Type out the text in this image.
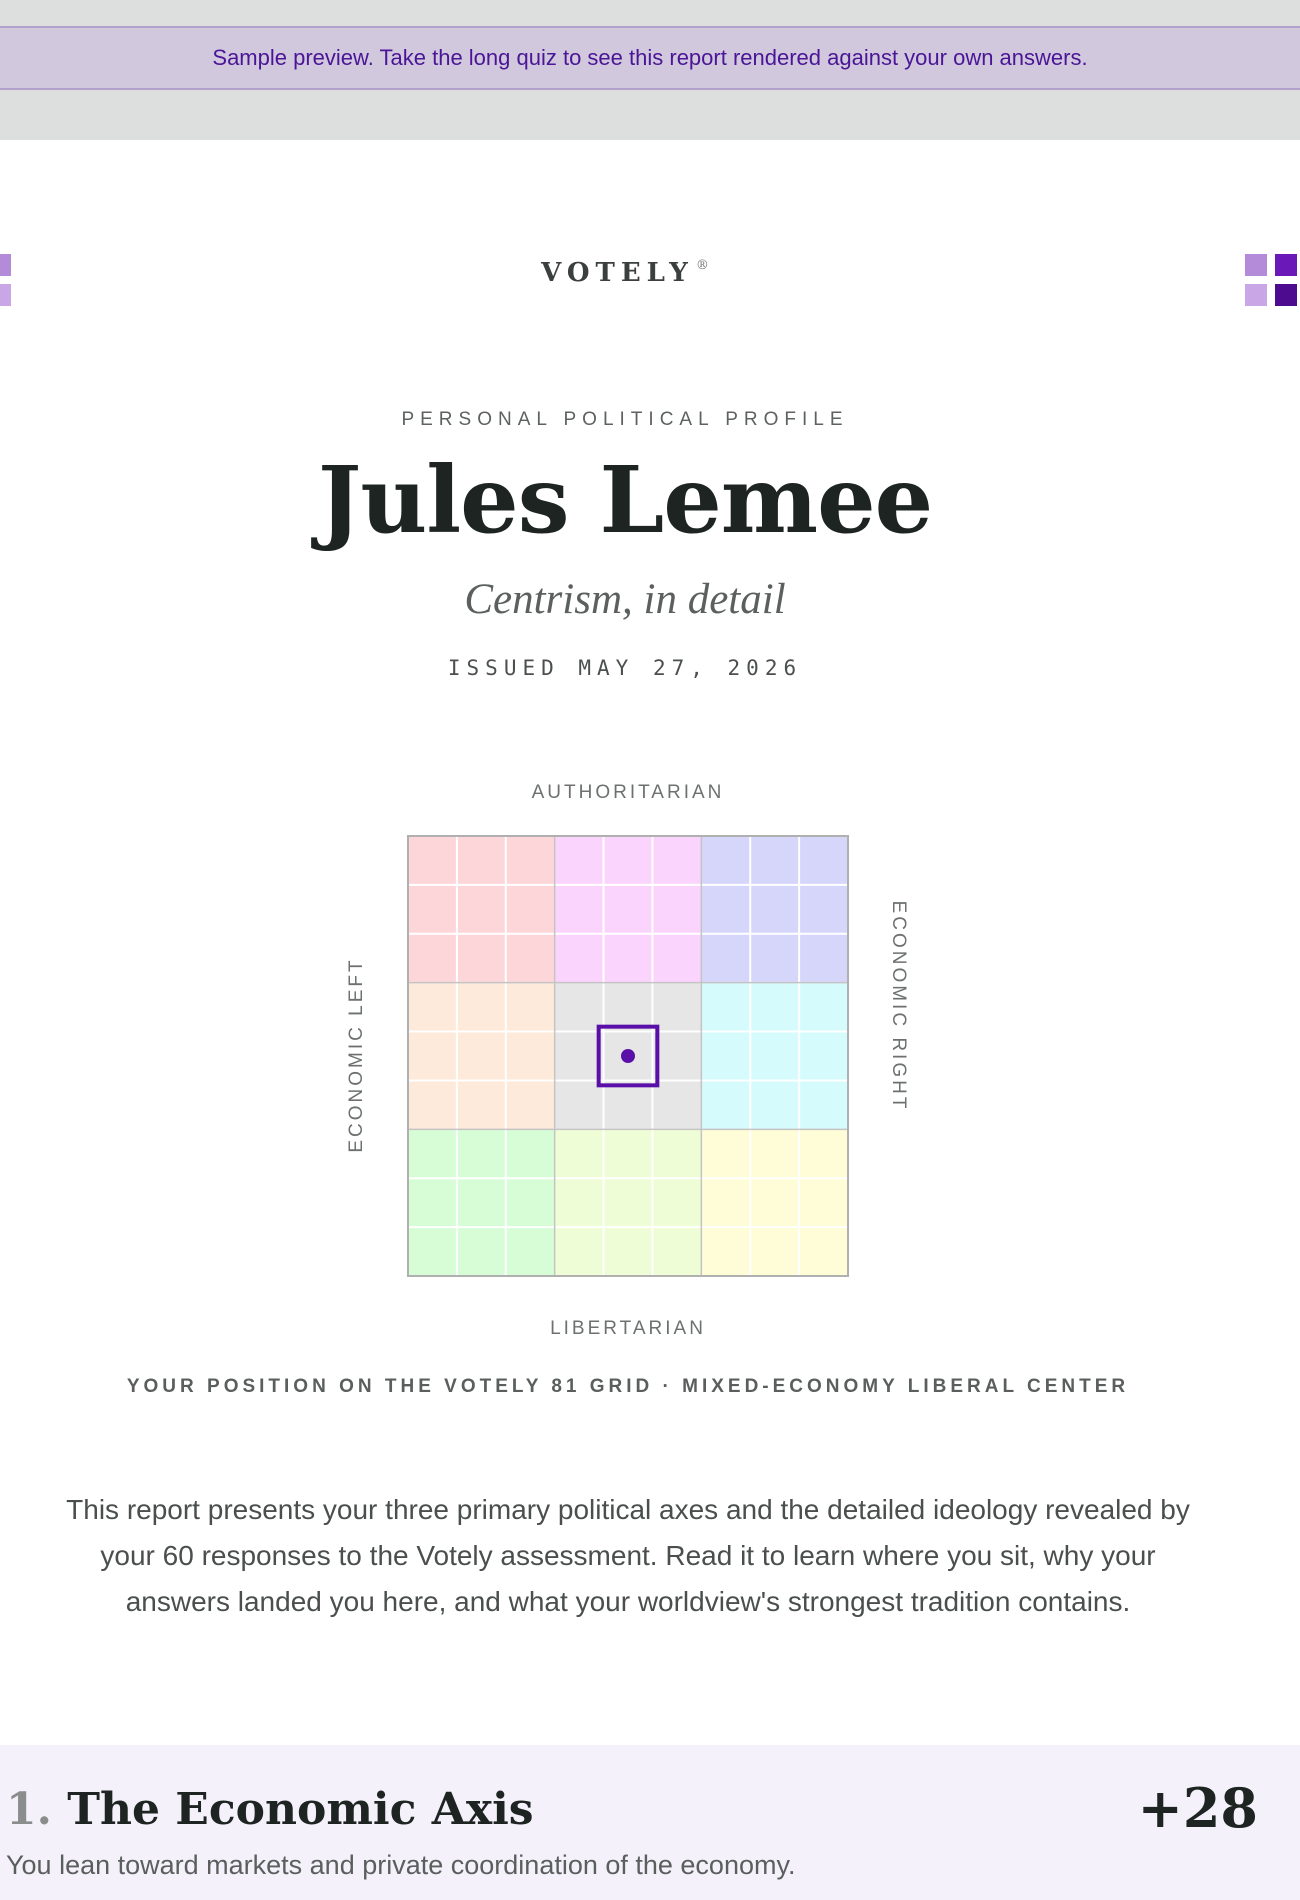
Sample preview. Take the long quiz to see this report rendered against your own answers.
VOTELY ®
PERSONAL POLITICAL PROFILE
Jules Lemee
Centrism, in detail
ISSUED MAY 27, 2026
AUTHORITARIAN
LIBERTARIAN
ECONOMIC LEFT	ECONOMIC RIGHT
YOUR POSITION ON THE VOTELY 81 GRID · MIXED-ECONOMY LIBERAL CENTER
This report presents your three primary political axes and the detailed ideology revealed by your 60 responses to the Votely assessment. Read it to learn where you sit, why your answers landed you here, and what your worldview's strongest tradition contains.
1. The Economic Axis	+28
You lean toward markets and private coordination of the economy.
